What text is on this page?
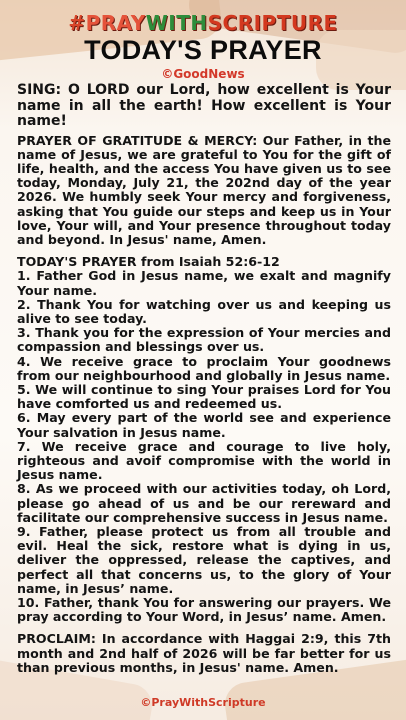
#PRAYWITHSCRIPTURE
TODAY'S PRAYER
©GoodNews

SING: O LORD our Lord, how excellent is Your name in all the earth! How excellent is Your name!

PRAYER OF GRATITUDE & MERCY: Our Father, in the name of Jesus, we are grateful to You for the gift of life, health, and the access You have given us to see today, Monday, July 21, the 202nd day of the year 2026. We humbly seek Your mercy and forgiveness, asking that You guide our steps and keep us in Your love, Your will, and Your presence throughout today and beyond. In Jesus' name, Amen.

TODAY'S PRAYER from Isaiah 52:6-12

1. Father God in Jesus name, we exalt and magnify Your name.

2. Thank You for watching over us and keeping us alive to see today.

3. Thank you for the expression of Your mercies and compassion and blessings over us.

4. We receive grace to proclaim Your goodnews from our neighbourhood and globally in Jesus name.

5. We will continue to sing Your praises Lord for You have comforted us and redeemed us.

6. May every part of the world see and experience Your salvation in Jesus name.

7. We receive grace and courage to live holy, righteous and avoif compromise with the world in Jesus name.

8. As we proceed with our activities today, oh Lord, please go ahead of us and be our rereward and facilitate our comprehensive success in Jesus name.

9. Father, please protect us from all trouble and evil. Heal the sick, restore what is dying in us, deliver the oppressed, release the captives, and perfect all that concerns us, to the glory of Your name, in Jesus’ name.

10. Father, thank You for answering our prayers. We pray according to Your Word, in Jesus’ name. Amen.

PROCLAIM: In accordance with Haggai 2:9, this 7th month and 2nd half of 2026 will be far better for us than previous months, in Jesus' name. Amen.

©PrayWithScripture
